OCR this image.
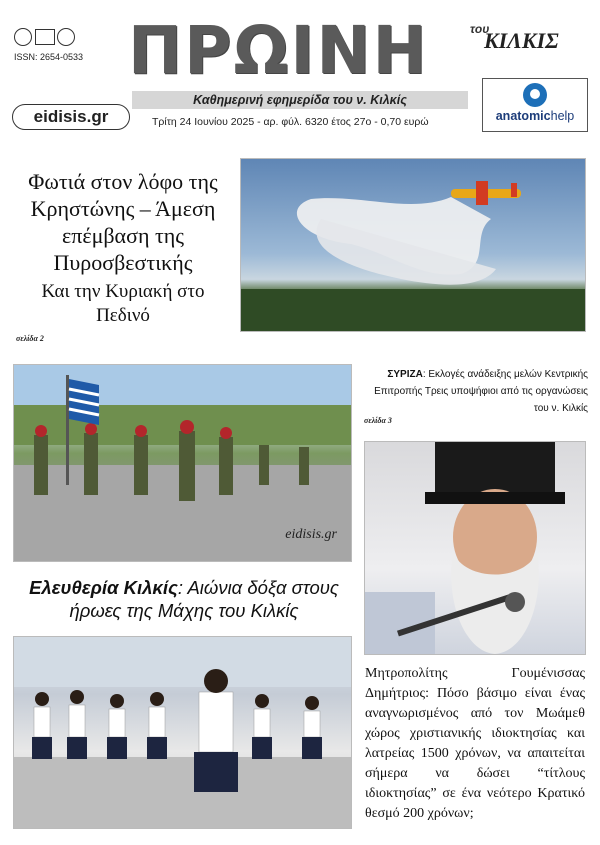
ISSN: 2654-0533 ΠΡΩΙΝΗ	του
ΚΙΛΚΙΣ
Καθημερινή εφημερίδα του ν. Κιλκίς
eidisis.gr	Τρίτη 24 Ιουνίου 2025 - αρ. φύλ. 6320 έτος 27ο - 0,70 ευρώ	anatomichelp
Φωτιά στον λόφο της Κρηστώνης – Άμεση επέμβαση της Πυροσβεστικής
Και την Κυριακή στο Πεδινό
σελίδα 2
ΣΥΡΙΖΑ: Εκλογές ανάδειξης μελών Κεντρικής Επιτροπής Τρεις υποψήφιοι από τις οργανώσεις του ν. Κιλκίς
σελίδα 3
eidisis.gr
Ελευθερία Κιλκίς: Αιώνια δόξα στους ήρωες της Μάχης του Κιλκίς
Μητροπολίτης Γουμένισσας Δημήτριος: Πόσο βάσιμο είναι ένας αναγνωρισμένος από τον Μωάμεθ χώρος χριστιανικής ιδιοκτησίας και λατρείας 1500 χρόνων, να απαιτείται σήμερα να δώσει “τίτλους ιδιοκτησίας” σε ένα νεότερο Κρατικό θεσμό 200 χρόνων;
